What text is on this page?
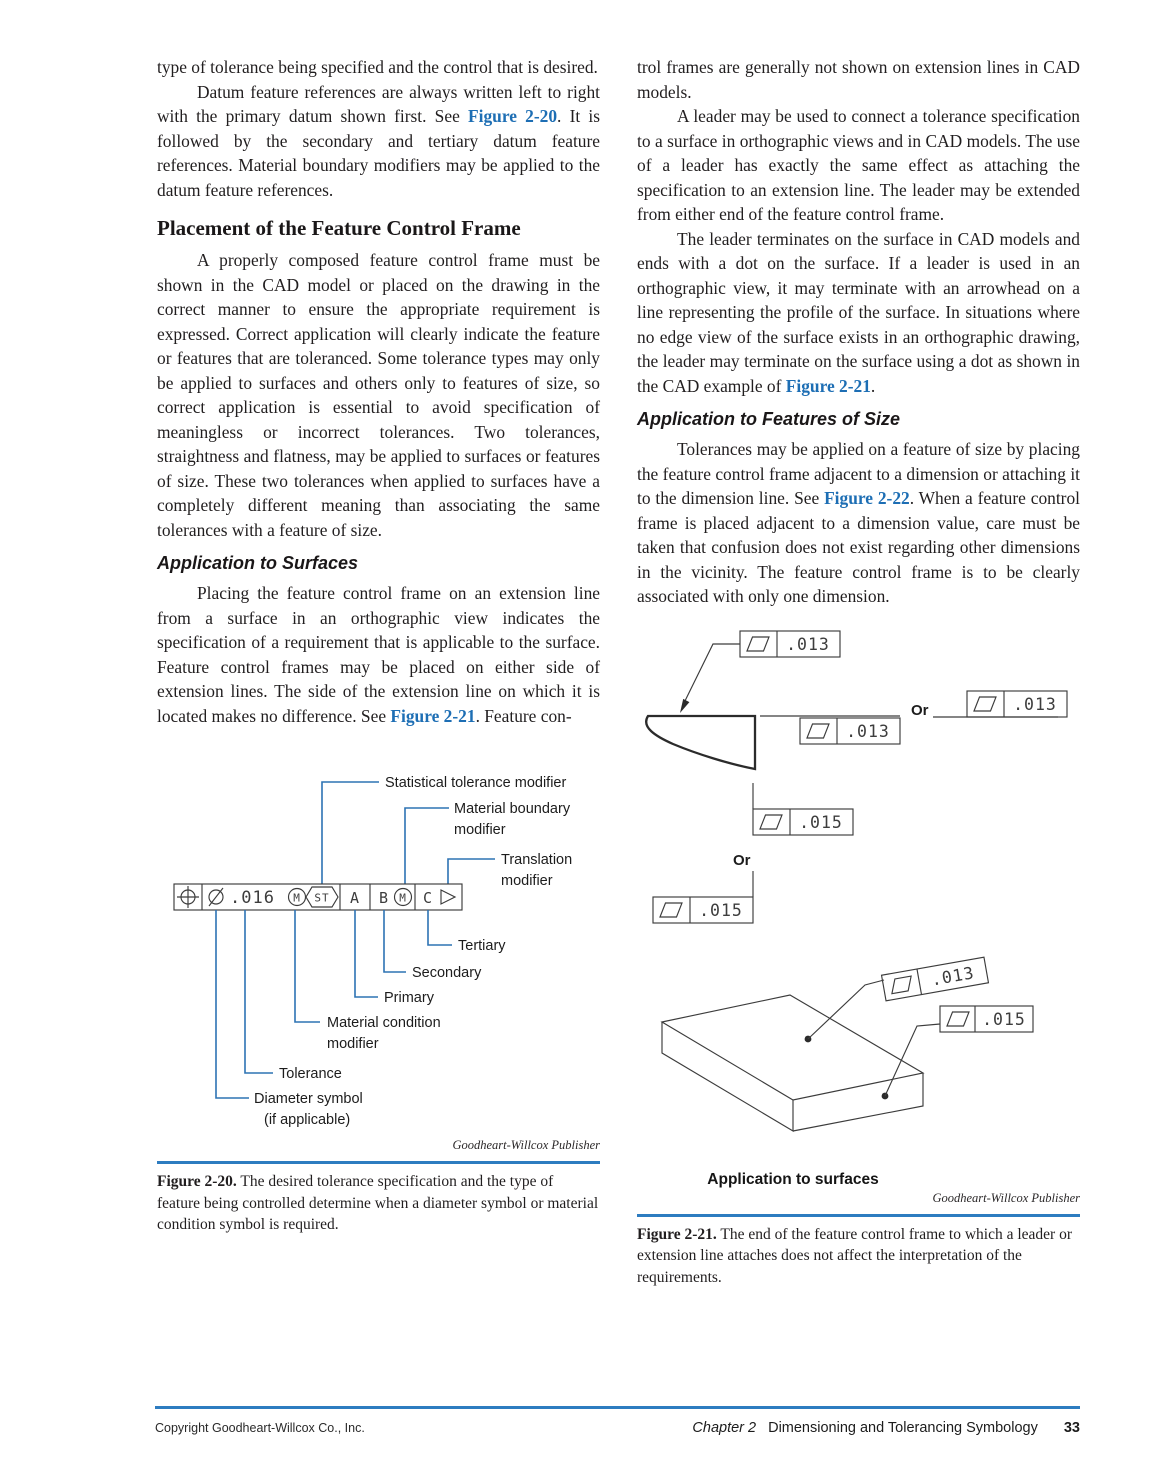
type of tolerance being specified and the control that is desired.

Datum feature references are always written left to right with the primary datum shown first. See Figure 2-20. It is followed by the secondary and tertiary datum feature references. Material boundary modifiers may be applied to the datum feature references.

Placement of the Feature Control Frame

A properly composed feature control frame must be shown in the CAD model or placed on the drawing in the correct manner to ensure the appropriate requirement is expressed. Correct application will clearly indicate the feature or features that are toleranced. Some tolerance types may only be applied to surfaces and others only to features of size, so correct application is essential to avoid specification of meaningless or incorrect tolerances. Two tolerances, straightness and flatness, may be applied to surfaces or features of size. These two tolerances when applied to surfaces have a completely different meaning than associating the same tolerances with a feature of size.

Application to Surfaces

Placing the feature control frame on an extension line from a surface in an orthographic view indicates the specification of a requirement that is applicable to the surface. Feature control frames may be placed on either side of extension lines. The side of the extension line on which it is located makes no difference. See Figure 2-21. Feature con-

Statistical tolerance modifier
Material boundary
modifier
Translation
modifier
.016 M ST A B M C
Tertiary
Secondary
Primary
Material condition
modifier
Tolerance
Diameter symbol
(if applicable)
Goodheart-Willcox Publisher
Figure 2-20. The desired tolerance specification and the type of feature being controlled determine when a diameter symbol or material condition symbol is required.

trol frames are generally not shown on extension lines in CAD models.

A leader may be used to connect a tolerance specification to a surface in orthographic views and in CAD models. The use of a leader has exactly the same effect as attaching the specification to an extension line. The leader may be extended from either end of the feature control frame.

The leader terminates on the surface in CAD models and ends with a dot on the surface. If a leader is used in an orthographic view, it may terminate with an arrowhead on a line representing the profile of the surface. In situations where no edge view of the surface exists in an orthographic drawing, the leader may terminate on the surface using a dot as shown in the CAD example of Figure 2-21.

Application to Features of Size

Tolerances may be applied on a feature of size by placing the feature control frame adjacent to a dimension or attaching it to the dimension line. See Figure 2-22. When a feature control frame is placed adjacent to a dimension value, care must be taken that confusion does not exist regarding other dimensions in the vicinity. The feature control frame is to be clearly associated with only one dimension.

.013
.013
Or	.013
.015
Or
.015
.013
.015
Application to surfaces
Goodheart-Willcox Publisher
Figure 2-21. The end of the feature control frame to which a leader or extension line attaches does not affect the interpretation of the requirements.
Copyright Goodheart-Willcox Co., Inc.	Chapter 2 Dimensioning and Tolerancing Symbology 33
